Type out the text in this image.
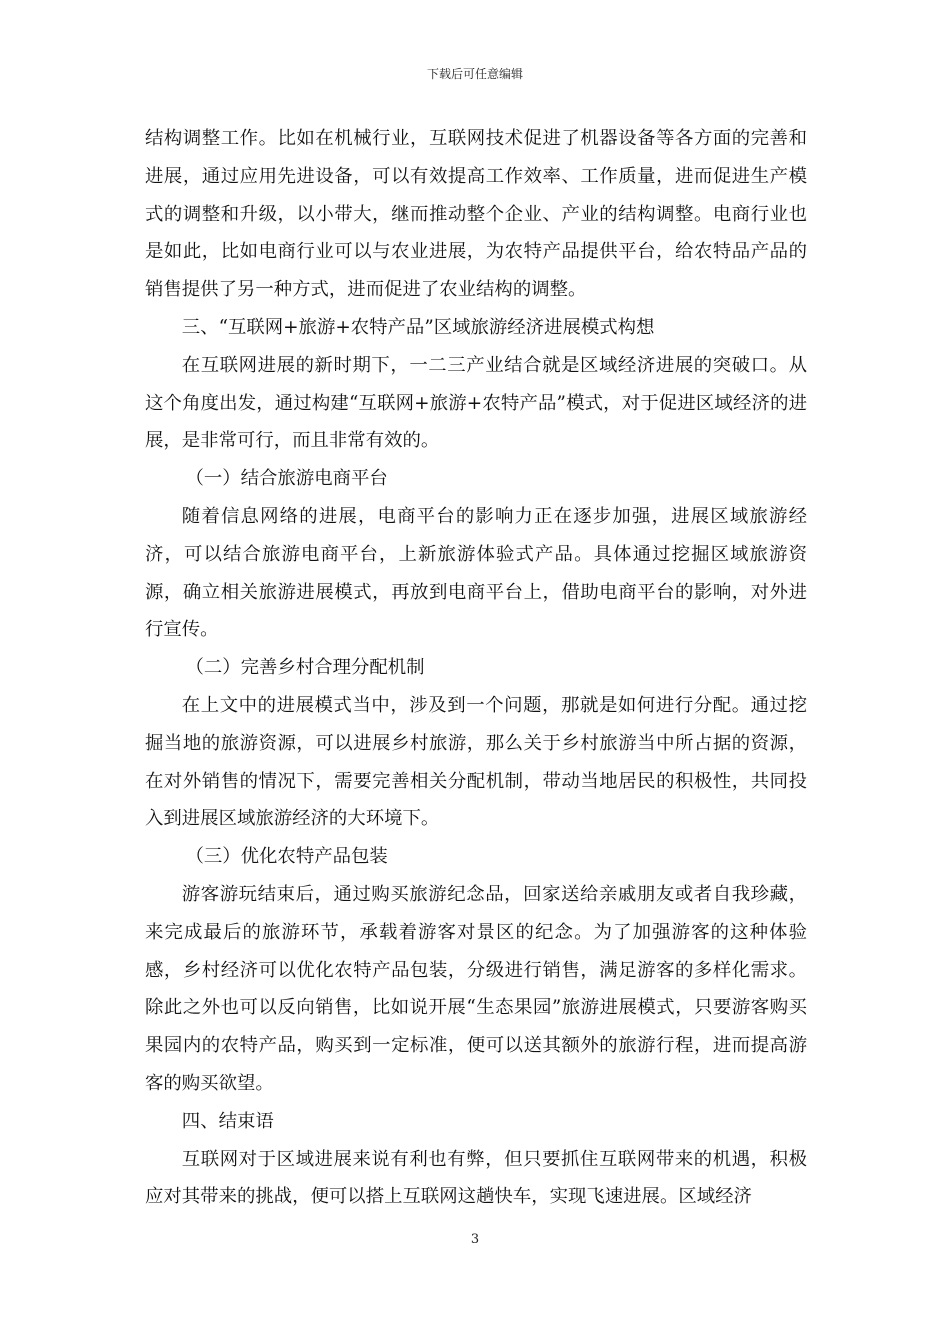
下载后可任意编辑

结构调整工作。比如在机械行业，互联网技术促进了机器设备等各方面的完善和进展，通过应用先进设备，可以有效提高工作效率、工作质量，进而促进生产模式的调整和升级，以小带大，继而推动整个企业、产业的结构调整。电商行业也是如此，比如电商行业可以与农业进展，为农特产品提供平台，给农特品产品的销售提供了另一种方式，进而促进了农业结构的调整。

三、“互联网+旅游+农特产品”区域旅游经济进展模式构想

在互联网进展的新时期下，一二三产业结合就是区域经济进展的突破口。从这个角度出发，通过构建“互联网+旅游+农特产品”模式，对于促进区域经济的进展，是非常可行，而且非常有效的。

（一）结合旅游电商平台

随着信息网络的进展，电商平台的影响力正在逐步加强，进展区域旅游经济，可以结合旅游电商平台，上新旅游体验式产品。具体通过挖掘区域旅游资源，确立相关旅游进展模式，再放到电商平台上，借助电商平台的影响，对外进行宣传。

（二）完善乡村合理分配机制

在上文中的进展模式当中，涉及到一个问题，那就是如何进行分配。通过挖掘当地的旅游资源，可以进展乡村旅游，那么关于乡村旅游当中所占据的资源，在对外销售的情况下，需要完善相关分配机制，带动当地居民的积极性，共同投入到进展区域旅游经济的大环境下。

（三）优化农特产品包装

游客游玩结束后，通过购买旅游纪念品，回家送给亲戚朋友或者自我珍藏，来完成最后的旅游环节，承载着游客对景区的纪念。为了加强游客的这种体验感，乡村经济可以优化农特产品包装，分级进行销售，满足游客的多样化需求。除此之外也可以反向销售，比如说开展“生态果园”旅游进展模式，只要游客购买果园内的农特产品，购买到一定标准，便可以送其额外的旅游行程，进而提高游客的购买欲望。

四、结束语

互联网对于区域进展来说有利也有弊，但只要抓住互联网带来的机遇，积极应对其带来的挑战，便可以搭上互联网这趟快车，实现飞速进展。区域经济

3
